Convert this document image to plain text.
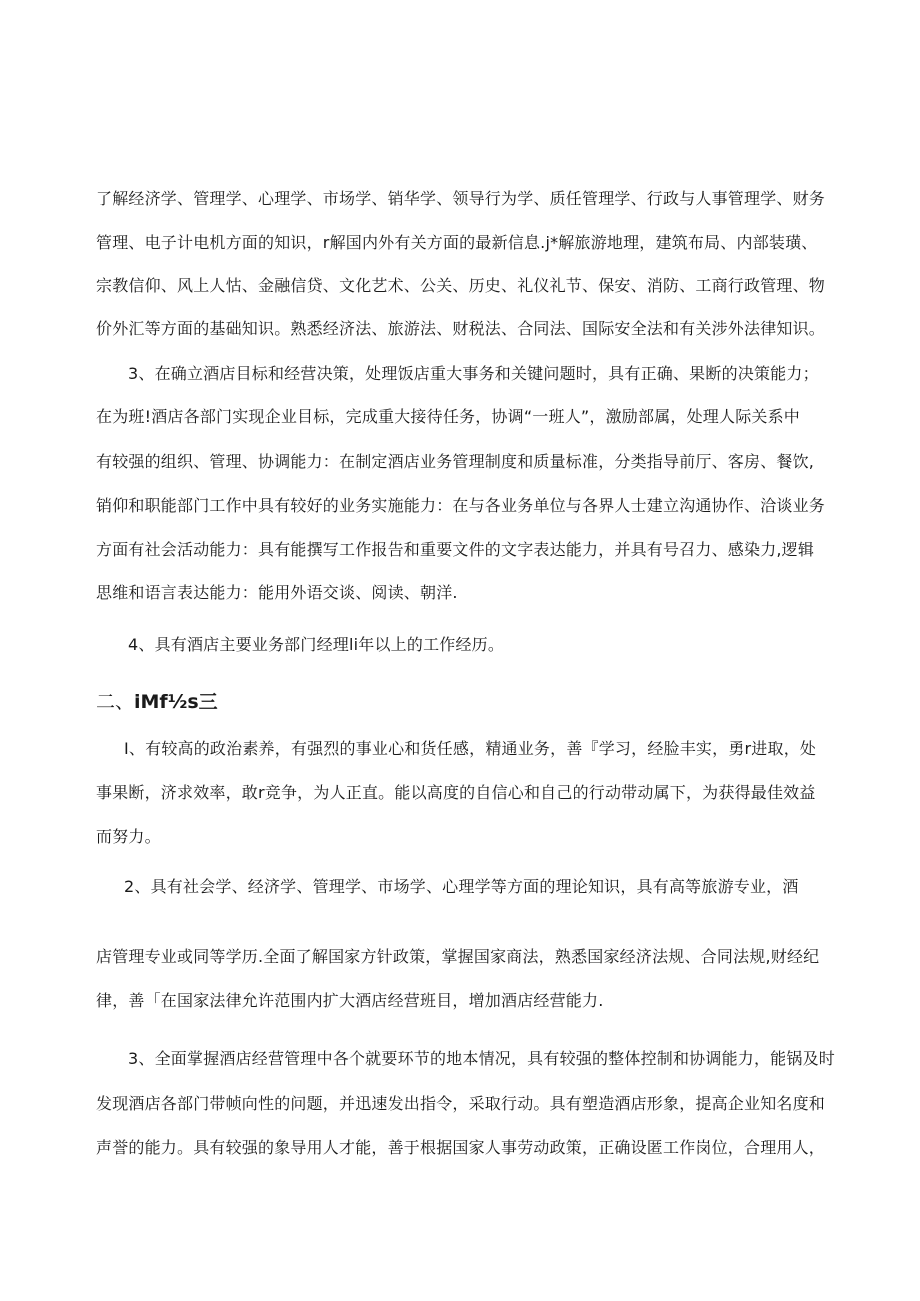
了解经济学、管理学、心理学、市场学、销华学、领导行为学、质任管理学、行政与人事管理学、财务
管理、电子计电机方面的知识，r解国内外有关方面的最新信息.j*解旅游地理，建筑布局、内部装璜、
宗教信仰、风上人怙、金融信贷、文化艺术、公关、历史、礼仪礼节、保安、消防、工商行政管理、物
价外汇等方面的基础知识。熟悉经济法、旅游法、财税法、合同法、国际安全法和有关涉外法律知识。
3、在确立酒店目标和经营决策，处理饭店重大事务和关键问题时，具有正确、果断的决策能力；
在为班!酒店各部门实现企业目标，完成重大接待任务，协调“一班人”，激励部属，处理人际关系中
有较强的组织、管理、协调能力：在制定酒店业务管理制度和质量标准，分类指导前厅、客房、餐饮,
销仰和职能部门工作中具有较好的业务实施能力：在与各业务单位与各界人士建立沟通协作、洽谈业务
方面有社会活动能力：具有能撰写工作报告和重要文件的文字表达能力，并具有号召力、感染力,逻辑
思维和语言表达能力：能用外语交谈、阅读、朝洋.
4、具有酒店主要业务部门经理li年以上的工作经历。
二、iMf½s三
I、有较高的政治素养，有强烈的事业心和货任感，精通业务，善『学习，经脸丰实，勇r进取，处
事果断，济求效率，敢r竞争，为人正直。能以高度的自信心和自己的行动带动属下，为获得最佳效益
而努力。
2、具有社会学、经济学、管理学、市场学、心理学等方面的理论知识，具有高等旅游专业，酒
店管理专业或同等学历.全面了解国家方针政策，掌握国家商法，熟悉国家经济法规、合同法规,财经纪
律，善「在国家法律允许范围内扩大酒店经营班目，增加酒店经营能力.
3、全面掌握酒店经营管理中各个就要环节的地本情况，具有较强的整体控制和协调能力，能锅及时
发现酒店各部门带帧向性的问题，并迅速发出指令，采取行动。具有塑造酒店形象，提高企业知名度和
声誉的能力。具有较强的象导用人才能，善于根据国家人事劳动政策，正确设匿工作岗位，合理用人，
